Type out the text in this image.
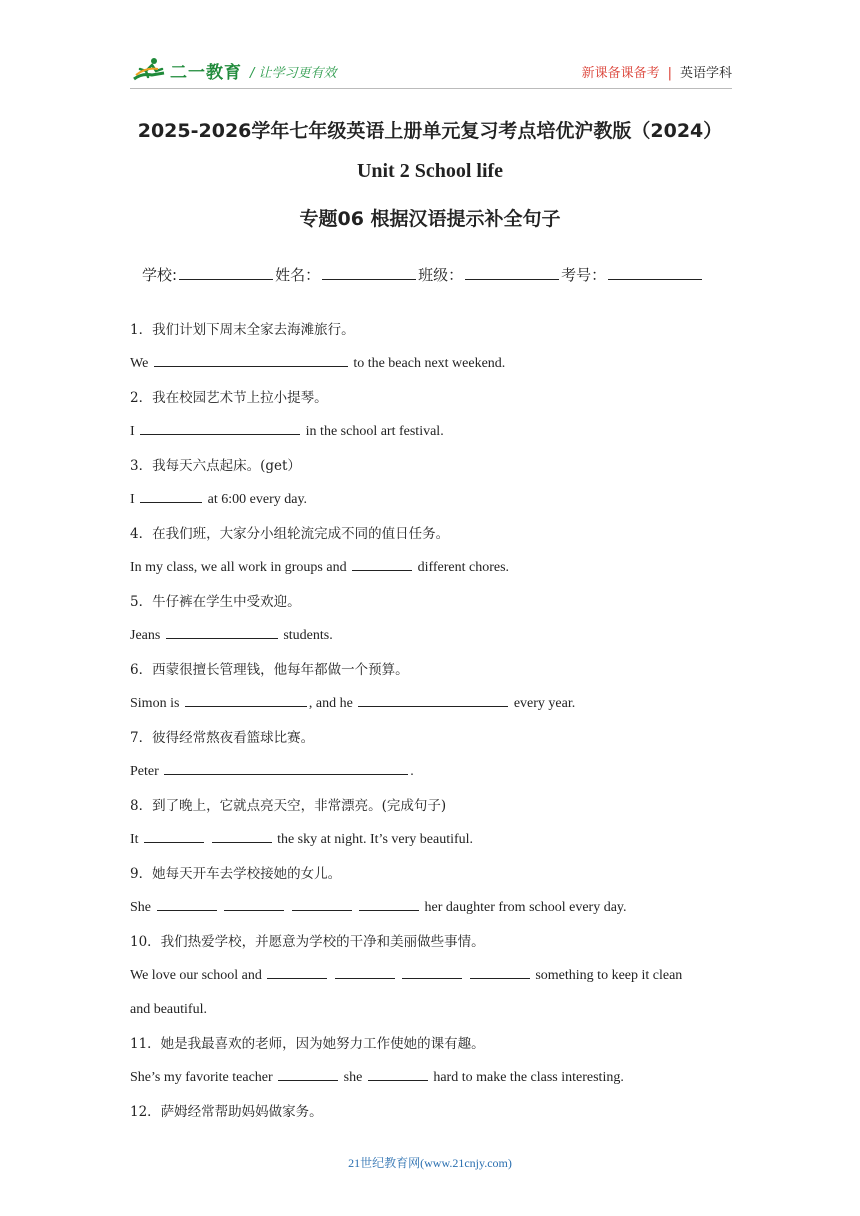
二一教育 / 让学习更有效	新课备课备考 | 英语学科
2025-2026学年七年级英语上册单元复习考点培优沪教版（2024）
Unit 2 School life
专题06 根据汉语提示补全句子
学校:	姓名：	班级：	考号：
1．我们计划下周末全家去海滩旅行。
We	to the beach next weekend.
2．我在校园艺术节上拉小提琴。
I	in the school art festival.
3．我每天六点起床。(get）
I	at 6:00 every day.
4．在我们班，大家分小组轮流完成不同的值日任务。
In my class, we all work in groups and	different chores.
5．牛仔裤在学生中受欢迎。
Jeans	students.
6．西蒙很擅长管理钱，他每年都做一个预算。
Simon is	, and he	every year.
7．彼得经常熬夜看篮球比赛。
Peter	.
8．到了晚上，它就点亮天空，非常漂亮。(完成句子)
It	the sky at night. It’s very beautiful.
9．她每天开车去学校接她的女儿。
She	her daughter from school every day.
10．我们热爱学校，并愿意为学校的干净和美丽做些事情。
We love our school and	something to keep it clean
and beautiful.
11．她是我最喜欢的老师，因为她努力工作使她的课有趣。
She’s my favorite teacher	she	hard to make the class interesting.
12．萨姆经常帮助妈妈做家务。
21世纪教育网(www.21cnjy.com)
